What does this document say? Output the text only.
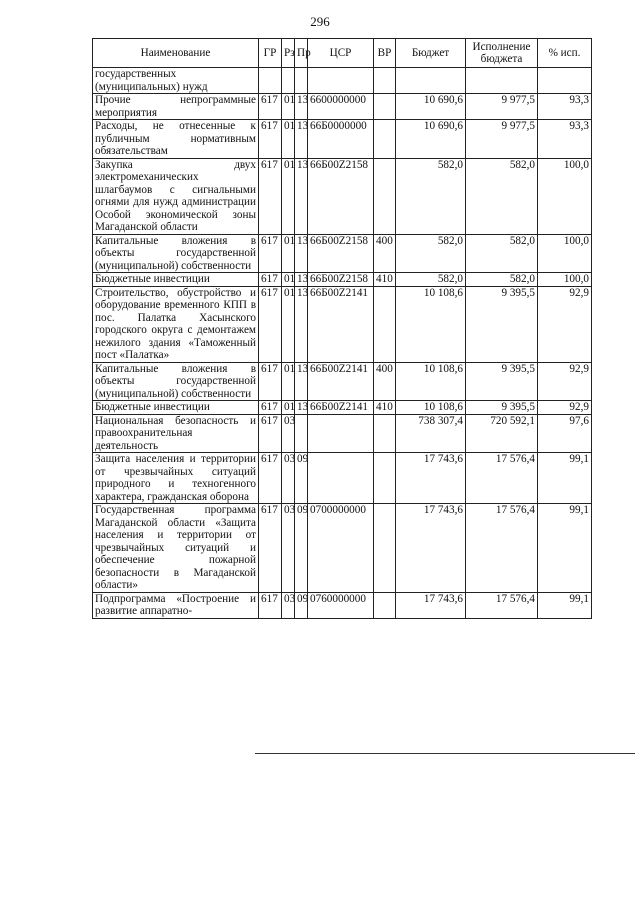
296
Наименование	ГР	Рз	Пр	ЦСР	ВР	Бюджет	Исполнение бюджета	% исп.
государственных (муниципальных) нужд								
Прочие непрограммные мероприятия	617	01	13	6600000000		10 690,6	9 977,5	93,3
Расходы, не отнесенные к публичным нормативным обязательствам	617	01	13	66Б0000000		10 690,6	9 977,5	93,3
Закупка двух электромеханических шлагбаумов с сигнальными огнями для нужд администрации Особой экономической зоны Магаданской области	617	01	13	66Б00Z2158		582,0	582,0	100,0
Капитальные вложения в объекты государственной (муниципальной) собственности	617	01	13	66Б00Z2158	400	582,0	582,0	100,0
Бюджетные инвестиции	617	01	13	66Б00Z2158	410	582,0	582,0	100,0
Строительство, обустройство и оборудование временного КПП в пос. Палатка Хасынского городского округа с демонтажем нежилого здания «Таможенный пост «Палатка»	617	01	13	66Б00Z2141		10 108,6	9 395,5	92,9
Капитальные вложения в объекты государственной (муниципальной) собственности	617	01	13	66Б00Z2141	400	10 108,6	9 395,5	92,9
Бюджетные инвестиции	617	01	13	66Б00Z2141	410	10 108,6	9 395,5	92,9
Национальная безопасность и правоохранительная деятельность	617	03				738 307,4	720 592,1	97,6
Защита населения и территории от чрезвычайных ситуаций природного и техногенного характера, гражданская оборона	617	03	09			17 743,6	17 576,4	99,1
Государственная программа Магаданской области «Защита населения и территории от чрезвычайных ситуаций и обеспечение пожарной безопасности в Магаданской области»	617	03	09	0700000000		17 743,6	17 576,4	99,1
Подпрограмма «Построение и развитие аппаратно-	617	03	09	0760000000		17 743,6	17 576,4	99,1
